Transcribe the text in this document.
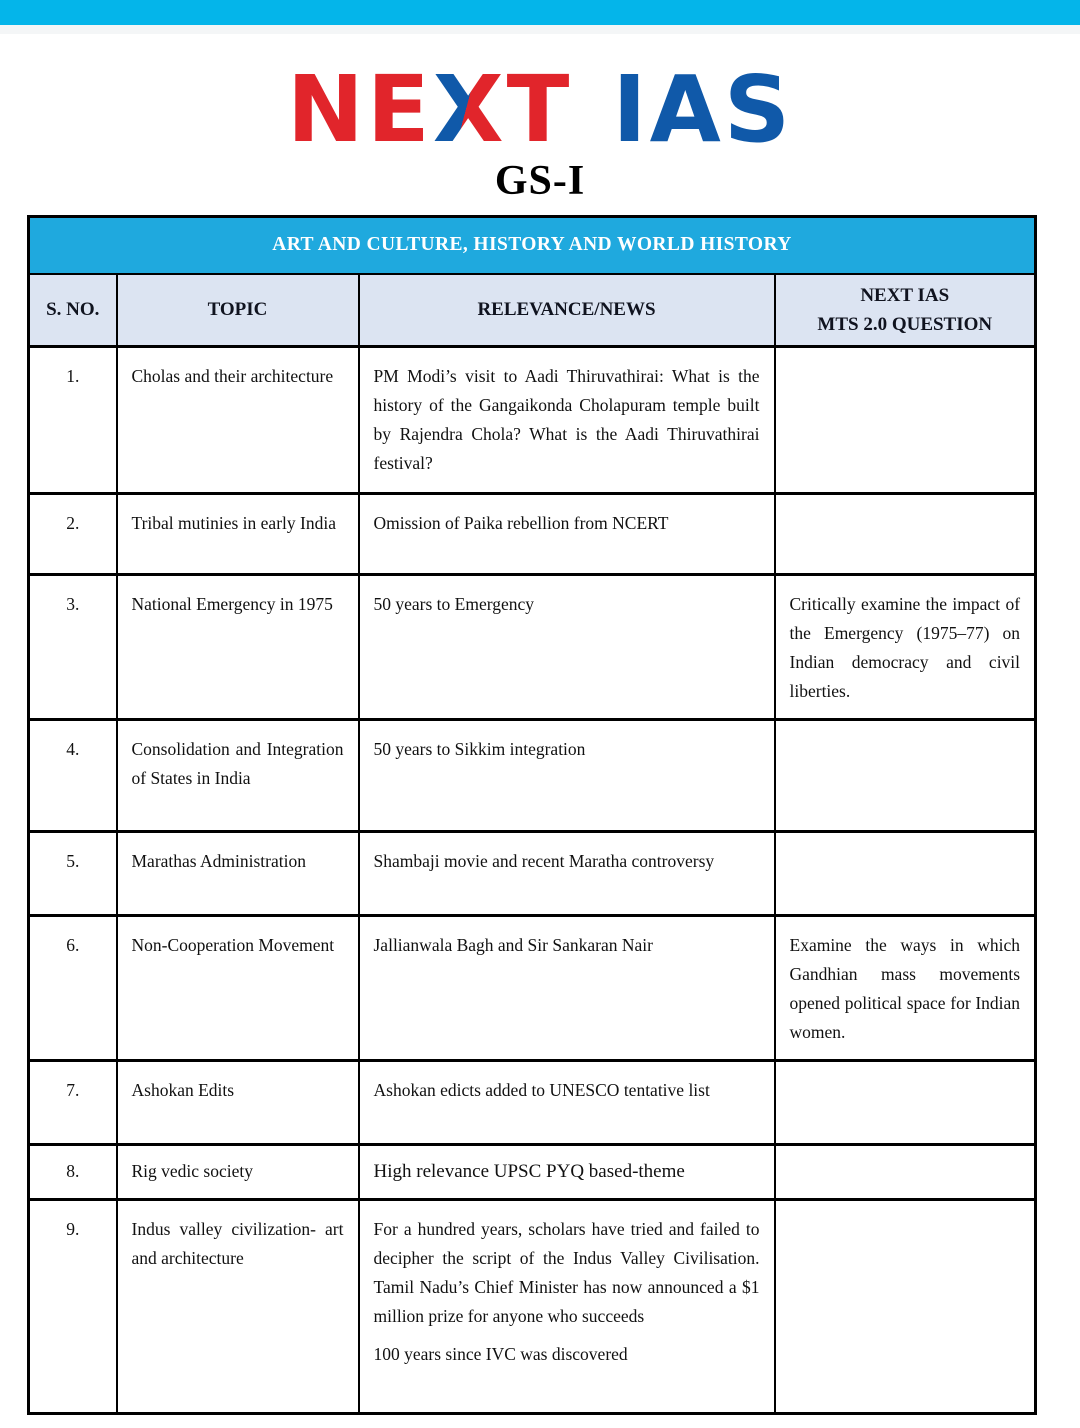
NEXT IAS
GS-I
ART AND CULTURE, HISTORY AND WORLD HISTORY			
S. NO.	TOPIC	RELEVANCE/NEWS	NEXT IAS
MTS 2.0 QUESTION

1.	Cholas and their architecture	PM Modi’s visit to Aadi Thiruvathirai: What is the history of the Gangaikonda Cholapuram temple built by Rajendra Chola? What is the Aadi Thiruvathirai festival?	
2.	Tribal mutinies in early India	Omission of Paika rebellion from NCERT	
3.	National Emergency in 1975	50 years to Emergency	Critically examine the impact of the Emergency (1975–77) on Indian democracy and civil liberties.
4.	Consolidation and Integration of States in India	50 years to Sikkim integration	
5.	Marathas Administration	Shambaji movie and recent Maratha controversy	
6.	Non-Cooperation Movement	Jallianwala Bagh and Sir Sankaran Nair	Examine the ways in which Gandhian mass movements opened political space for Indian women.
7.	Ashokan Edits	Ashokan edicts added to UNESCO tentative list	
8.	Rig vedic society	High relevance UPSC PYQ based-theme	
9.	Indus valley civilization- art and architecture	For a hundred years, scholars have tried and failed to decipher the script of the Indus Valley Civilisation. Tamil Nadu’s Chief Minister has now announced a $1 million prize for anyone who succeeds
100 years since IVC was discovered	
